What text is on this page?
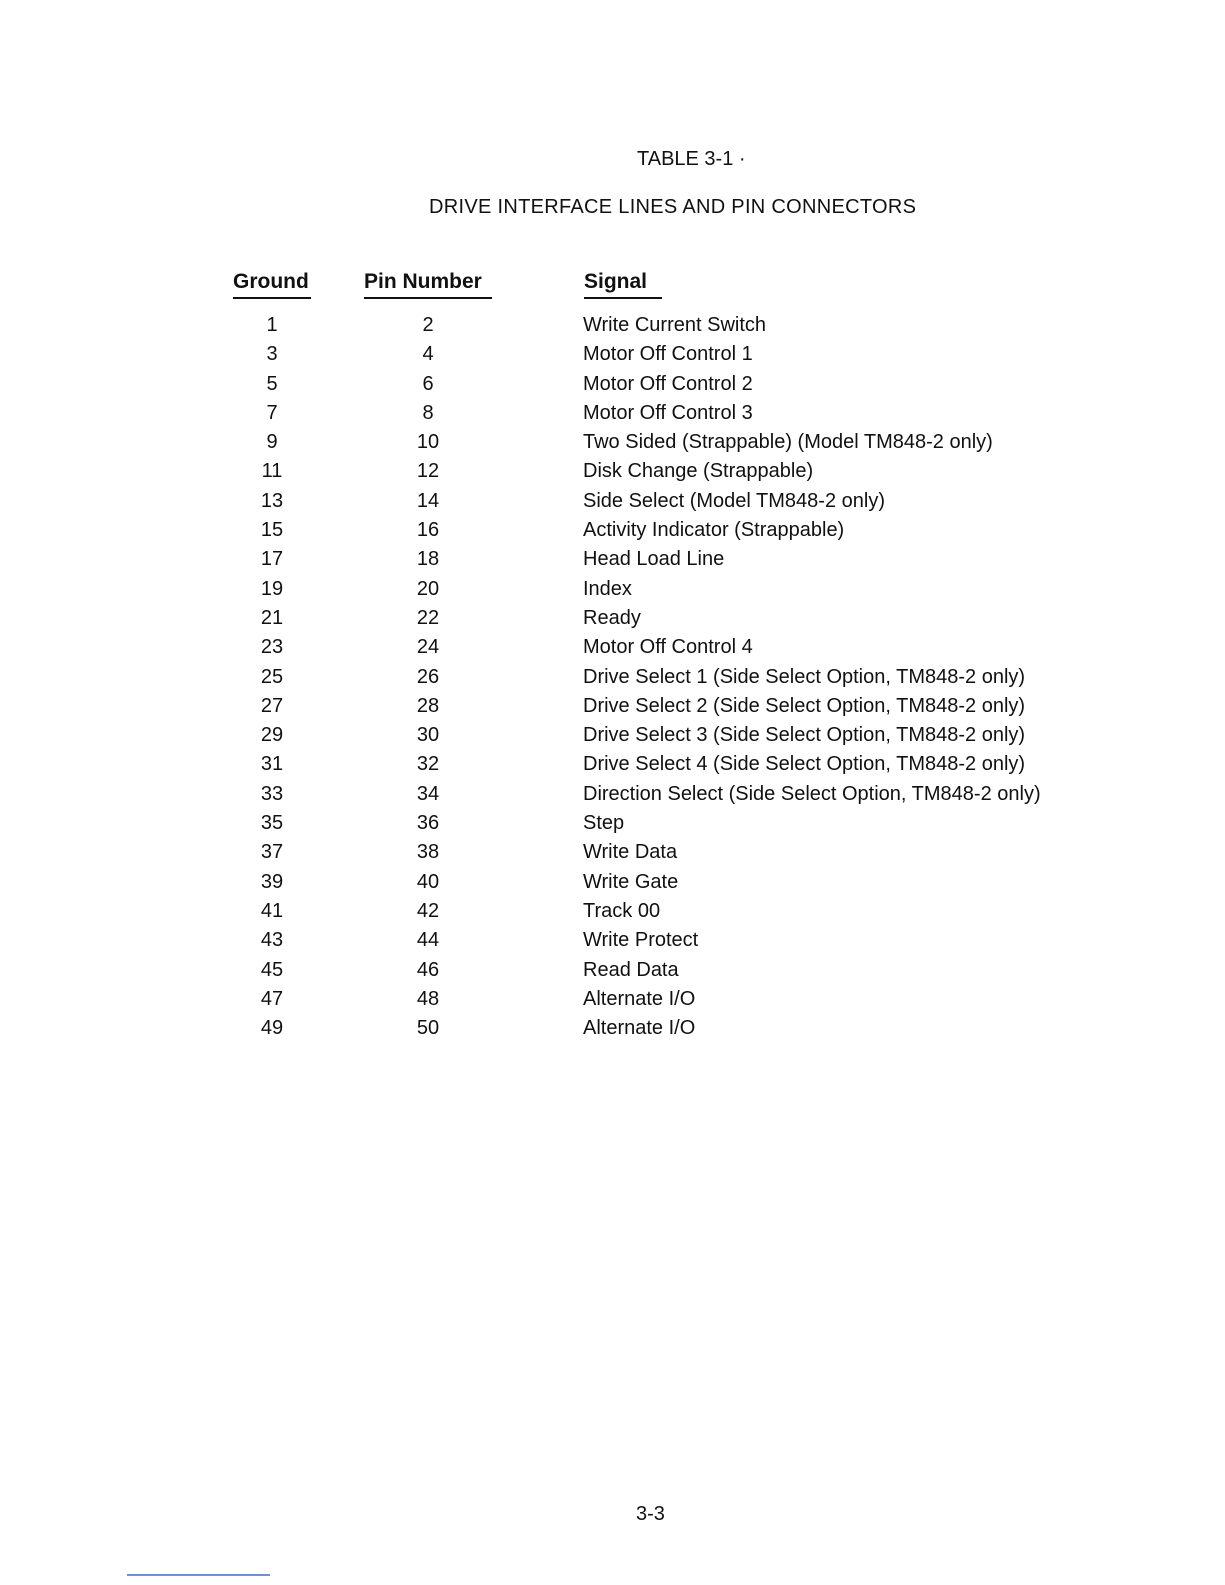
TABLE 3-1 ·
DRIVE INTERFACE LINES AND PIN CONNECTORS
Ground	Pin Number	Signal
1	2	Write Current Switch
3	4	Motor Off Control 1
5	6	Motor Off Control 2
7	8	Motor Off Control 3
9	10	Two Sided (Strappable) (Model TM848-2 only)
11	12	Disk Change (Strappable)
13	14	Side Select (Model TM848-2 only)
15	16	Activity Indicator (Strappable)
17	18	Head Load Line
19	20	Index
21	22	Ready
23	24	Motor Off Control 4
25	26	Drive Select 1 (Side Select Option, TM848-2 only)
27	28	Drive Select 2 (Side Select Option, TM848-2 only)
29	30	Drive Select 3 (Side Select Option, TM848-2 only)
31	32	Drive Select 4 (Side Select Option, TM848-2 only)
33	34	Direction Select (Side Select Option, TM848-2 only)
35	36	Step
37	38	Write Data
39	40	Write Gate
41	42	Track 00
43	44	Write Protect
45	46	Read Data
47	48	Alternate I/O
49	50	Alternate I/O
3-3
